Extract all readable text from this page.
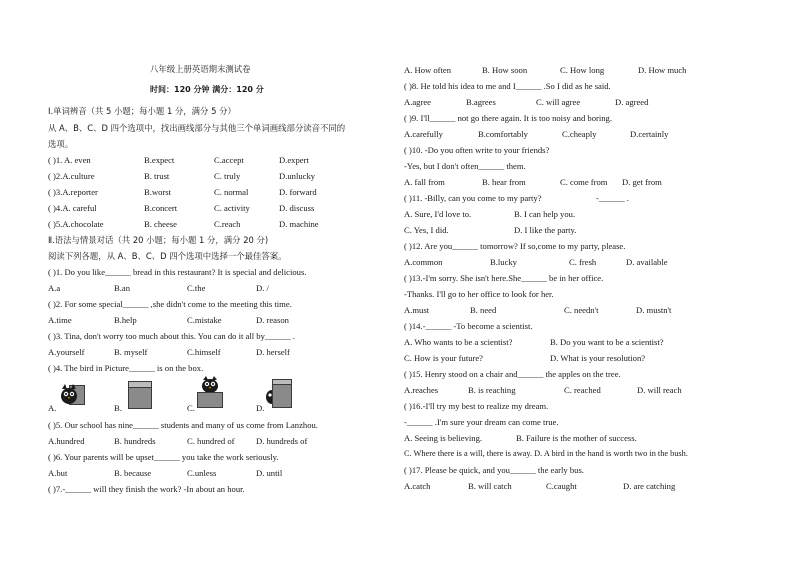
八年级上册英语期末测试卷
时间：120 分钟 满分：120 分
I.单词辨音（共 5 小题；每小题 1 分，满分 5 分）
从 A、B、C、D 四个选项中，找出画线部分与其他三个单词画线部分读音不同的
选项。
( )1. A. even	B.expect	C.accept	D.expert
( )2.A.culture	B. trust	C. truly	D.unlucky
( )3.A.reporter	B.worst	C. normal	D. forward
( )4.A. careful	B.concert	C. activity	D. discuss
( )5.A.chocolate	B. cheese	C.reach	D. machine
Ⅱ.语法与情景对话（共 20 小题；每小题 1 分，满分 20 分)
阅读下列各题，从 A、B、C、D 四个选项中选择一个最佳答案。
( )1. Do you like______ bread in this restaurant? It is special and delicious.
A.a	B.an	C.the	D. /
( )2. For some special______ ,she didn't come to the meeting this time.
A.time	B.help	C.mistake	D. reason
( )3. Tina, don't worry too much about this. You can do it all by______ .
A.yourself	B. myself	C.himself	D. herself
( )4. The bird in Picture______ is on the box.
A.	B.	C.	D.
( )5. Our school has nine______ students and many of us come from Lanzhou.
A.hundred	B. hundreds	C. hundred of	D. hundreds of
( )6. Your parents will be upset______ you take the work seriously.
A.but	B. because	C.unless	D. until
( )7.-______ will they finish the work? -In about an hour.
A. How often	B. How soon	C. How long	D. How much
( )8. He told his idea to me and I______ .So I did as he said.
A.agree	B.agrees	C. will agree	D. agreed
( )9. I'll______ not go there again. It is too noisy and boring.
A.carefully	B.comfortably	C.cheaply	D.certainly
( )10. -Do you often write to your friends?
-Yes, but I don't often______ them.
A. fall from	B. hear from	C. come from D. get from
( )11. -Billy, can you come to my party?	-______ .
A. Sure, I'd love to.	B. I can help you.
C. Yes, I did.	D. I like the party.
( )12. Are you______ tomorrow? If so,come to my party, please.
A.common	B.lucky	C. fresh	D. available
( )13.-I'm sorry. She isn't here.She______ be in her office.
-Thanks. I'll go to her office to look for her.
A.must	B. need	C. needn't	D. mustn't
( )14.-______ -To become a scientist.
A. Who wants to be a scientist?	B. Do you want to be a scientist?
C. How is your future?	D. What is your resolution?
( )15. Henry stood on a chair and______ the apples on the tree.
A.reaches	B. is reaching	C. reached	D. will reach
( )16.-I'll try my best to realize my dream.
-______ .I'm sure your dream can come true.
A. Seeing is believing.	B. Failure is the mother of success.
C. Where there is a will, there is away. D. A bird in the hand is worth two in the bush.
( )17. Please be quick, and you______ the early bus.
A.catch	B. will catch	C.caught	D. are catching
